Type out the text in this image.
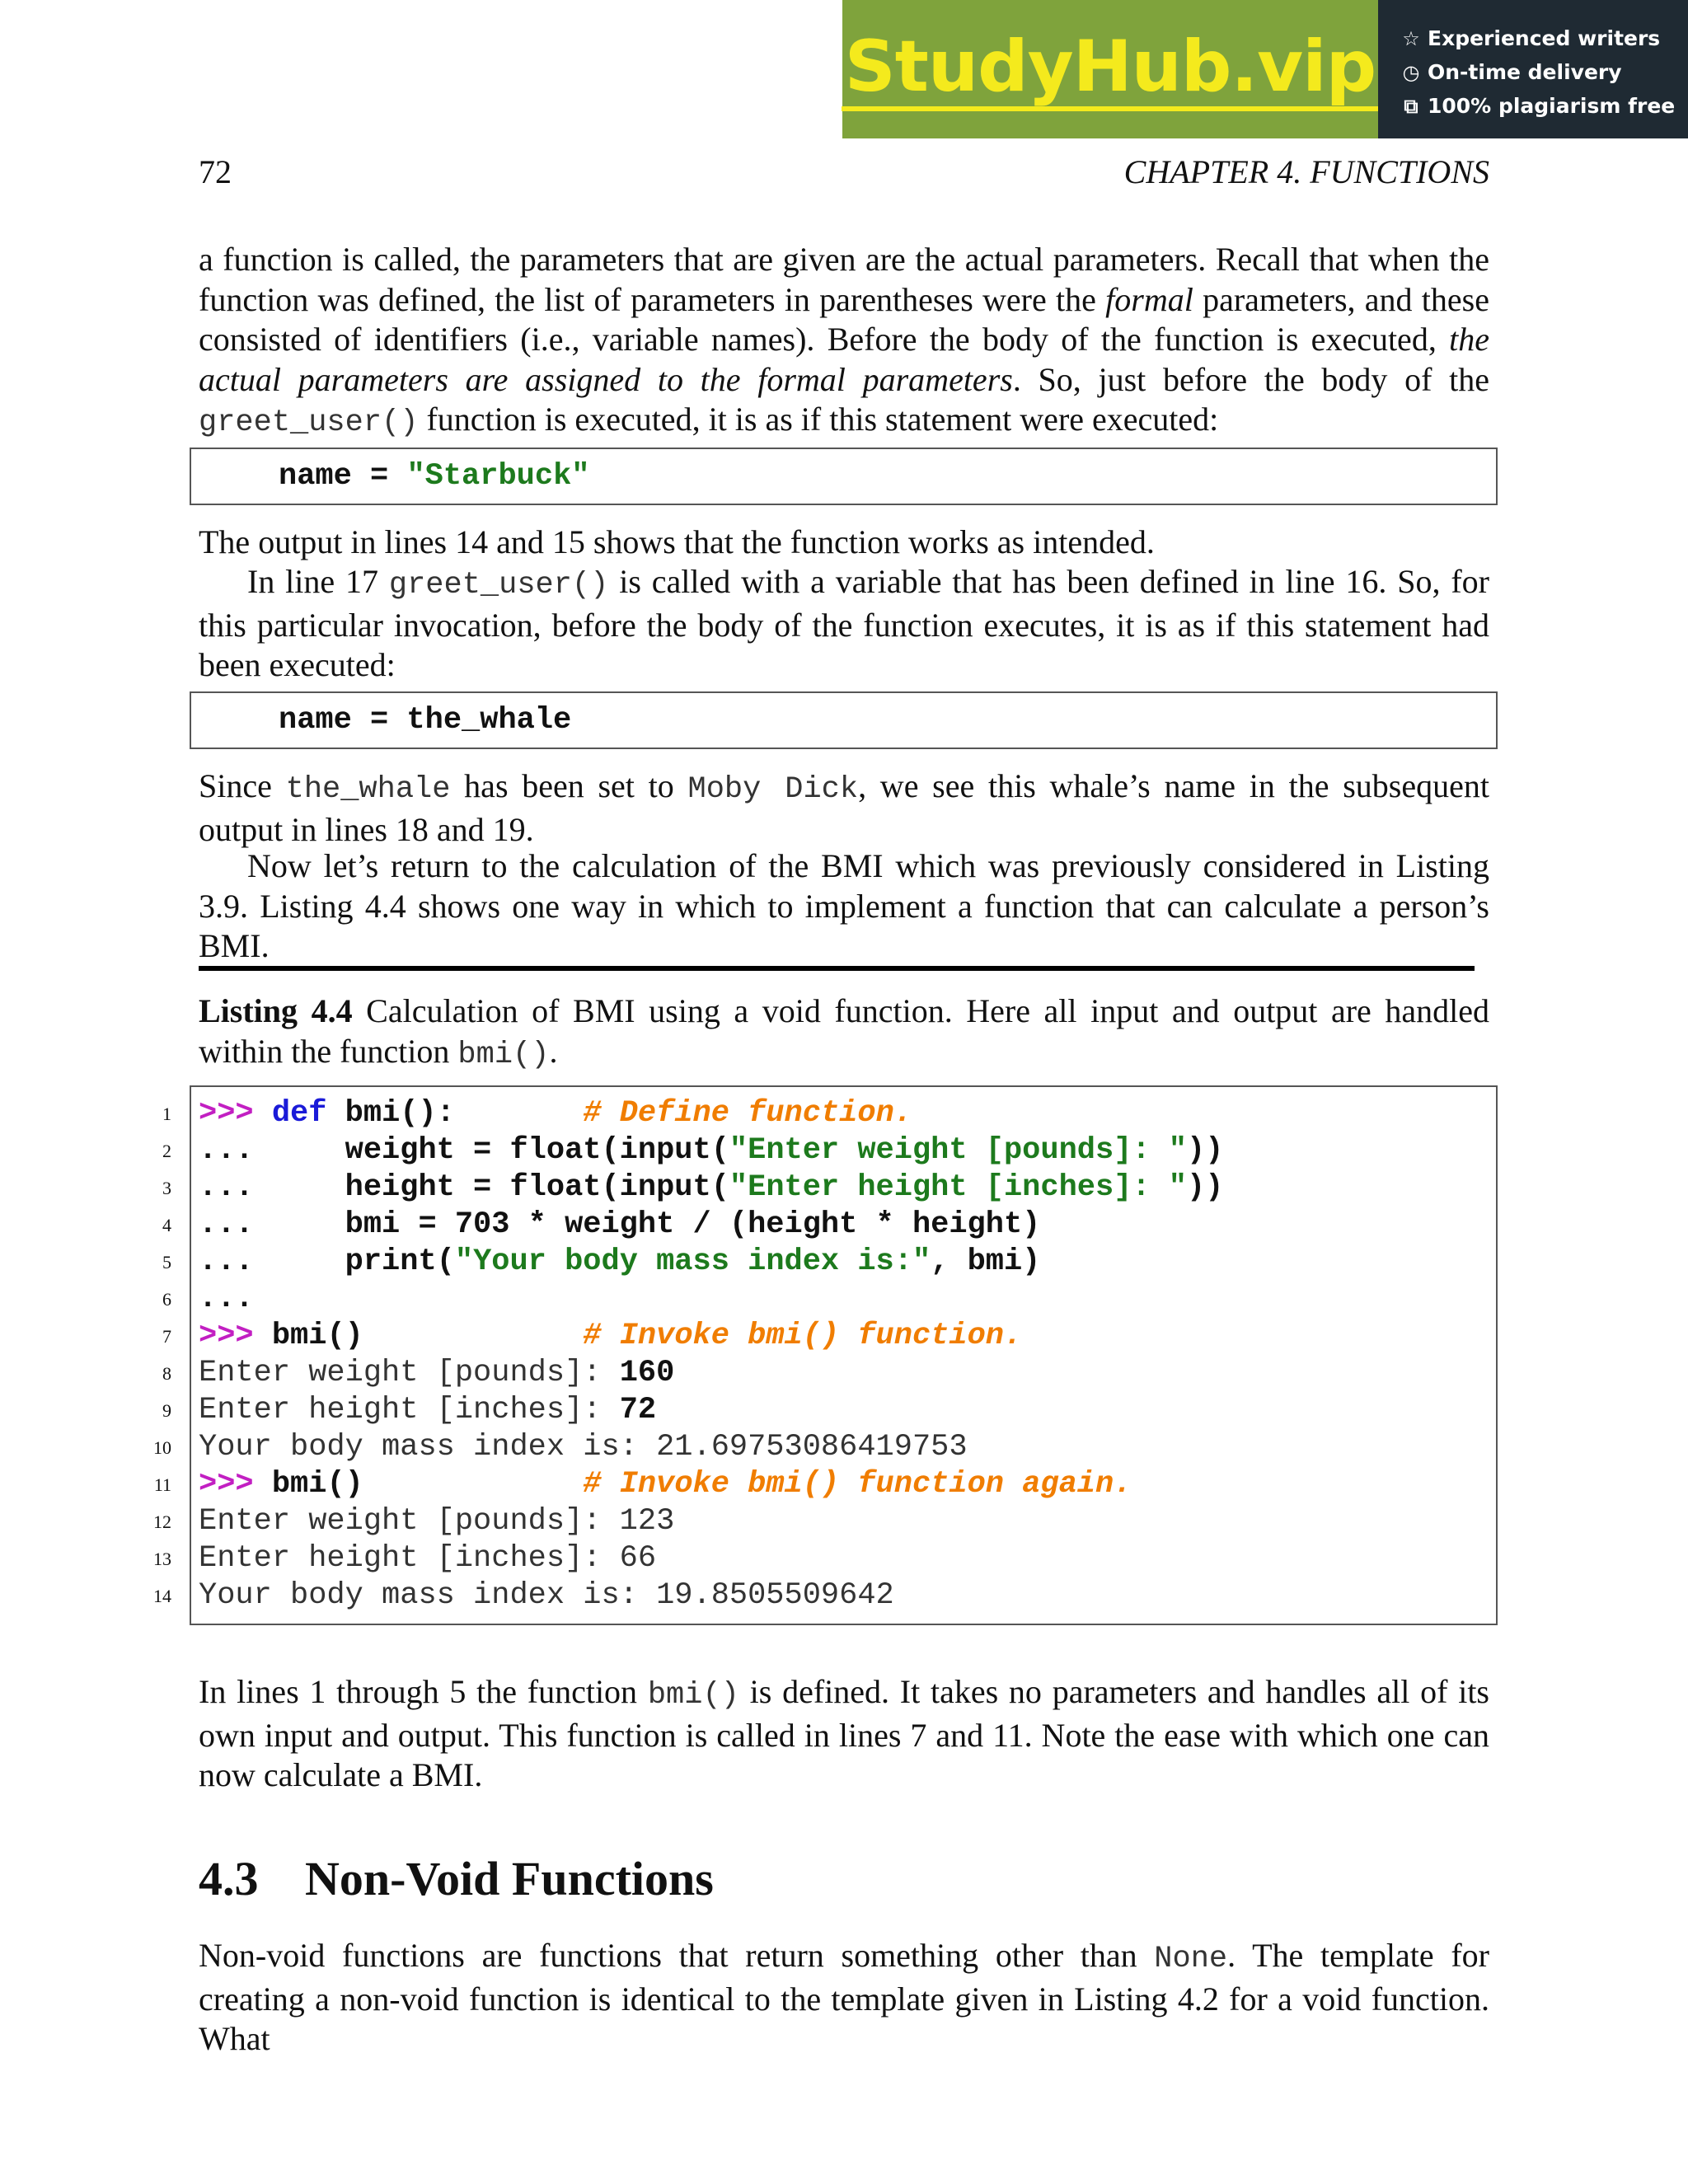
StudyHub.vip ☆ Experienced writers
◷ On-time delivery
⧉ 100% plagiarism free
72	CHAPTER 4. FUNCTIONS
a function is called, the parameters that are given are the actual parameters. Recall that when the function was defined, the list of parameters in parentheses were the formal parameters, and these consisted of identifiers (i.e., variable names). Before the body of the function is executed, the actual parameters are assigned to the formal parameters. So, just before the body of the greet_user() function is executed, it is as if this statement were executed:
name = "Starbuck"
The output in lines 14 and 15 shows that the function works as intended.
In line 17 greet_user() is called with a variable that has been defined in line 16. So, for this particular invocation, before the body of the function executes, it is as if this statement had been executed:
name = the_whale
Since the_whale has been set to Moby Dick, we see this whale’s name in the subsequent output in lines 18 and 19.
Now let’s return to the calculation of the BMI which was previously considered in Listing 3.9. Listing 4.4 shows one way in which to implement a function that can calculate a person’s BMI.
Listing 4.4 Calculation of BMI using a void function. Here all input and output are handled within the function bmi().
1
2
3
4
5
6
7
8
9
10
11
12
13
14
>>> def bmi():       # Define function.
...     weight = float(input("Enter weight [pounds]: "))
...     height = float(input("Enter height [inches]: "))
...     bmi = 703 * weight / (height * height)
...     print("Your body mass index is:", bmi)
...
>>> bmi()            # Invoke bmi() function.
Enter weight [pounds]: 160
Enter height [inches]: 72
Your body mass index is: 21.69753086419753
>>> bmi()            # Invoke bmi() function again.
Enter weight [pounds]: 123
Enter height [inches]: 66
Your body mass index is: 19.8505509642
In lines 1 through 5 the function bmi() is defined. It takes no parameters and handles all of its own input and output. This function is called in lines 7 and 11. Note the ease with which one can now calculate a BMI.
4.3 Non-Void Functions
Non-void functions are functions that return something other than None. The template for creating a non-void function is identical to the template given in Listing 4.2 for a void function. What
